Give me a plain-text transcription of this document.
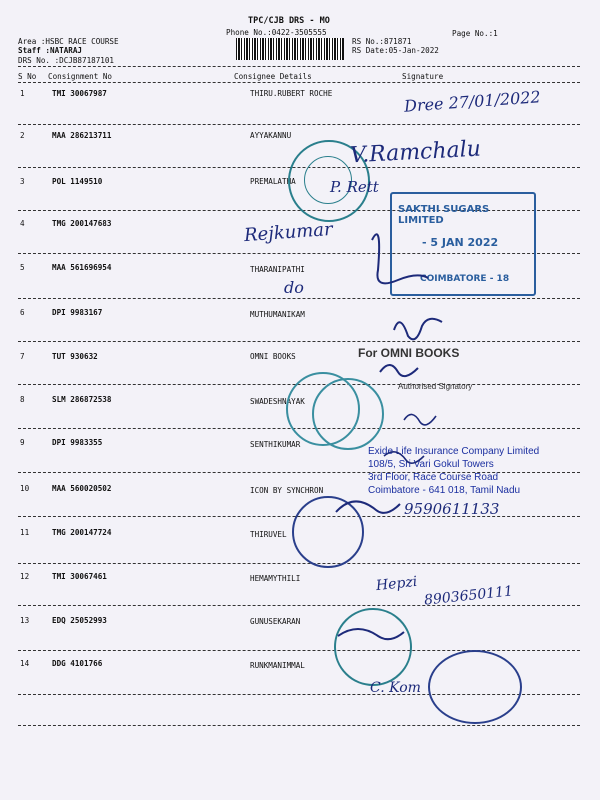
TPC/CJB DRS - MO
Phone No.:0422-3505555	Page No.:1
Area :HSBC RACE COURSE
Staff :NATARAJ
DRS No. :DCJB87187101
RS No.:871871
RS Date:05-Jan-2022
S No Consignment No	Consignee Details	Signature
1	TMI 30067987	THIRU.RUBERT ROCHE
2	MAA 286213711	AYYAKANNU
3	POL 1149510	PREMALATHA
4	TMG 200147683
5	MAA 561696954	THARANIPATHI
6	DPI 9983167	MUTHUMANIKAM
7	TUT 930632	OMNI BOOKS
8	SLM 286872538	SWADESHNAYAK
9	DPI 9983355	SENTHIKUMAR
10	MAA 560020502	ICON BY SYNCHRON
11	TMG 200147724	THIRUVEL
12	TMI 30067461	HEMAMYTHILI
13	EDQ 25052993	GUNUSEKARAN
14	DDG 4101766	RUNKMANIMMAL
SAKTHI SUGARS LIMITED
- 5 JAN 2022
COIMBATORE - 18
For OMNI BOOKS
Authorised Signatory
Exide Life Insurance Company Limited
108/5, Sri Vari Gokul Towers
3rd Floor, Race Course Road
Coimbatore - 641 018, Tamil Nadu
Dree 27/01/2022
V.Ramchalu
P. Rett
Rejkumar
do
9590611133
Hepzi 8903650111
C. Kom
